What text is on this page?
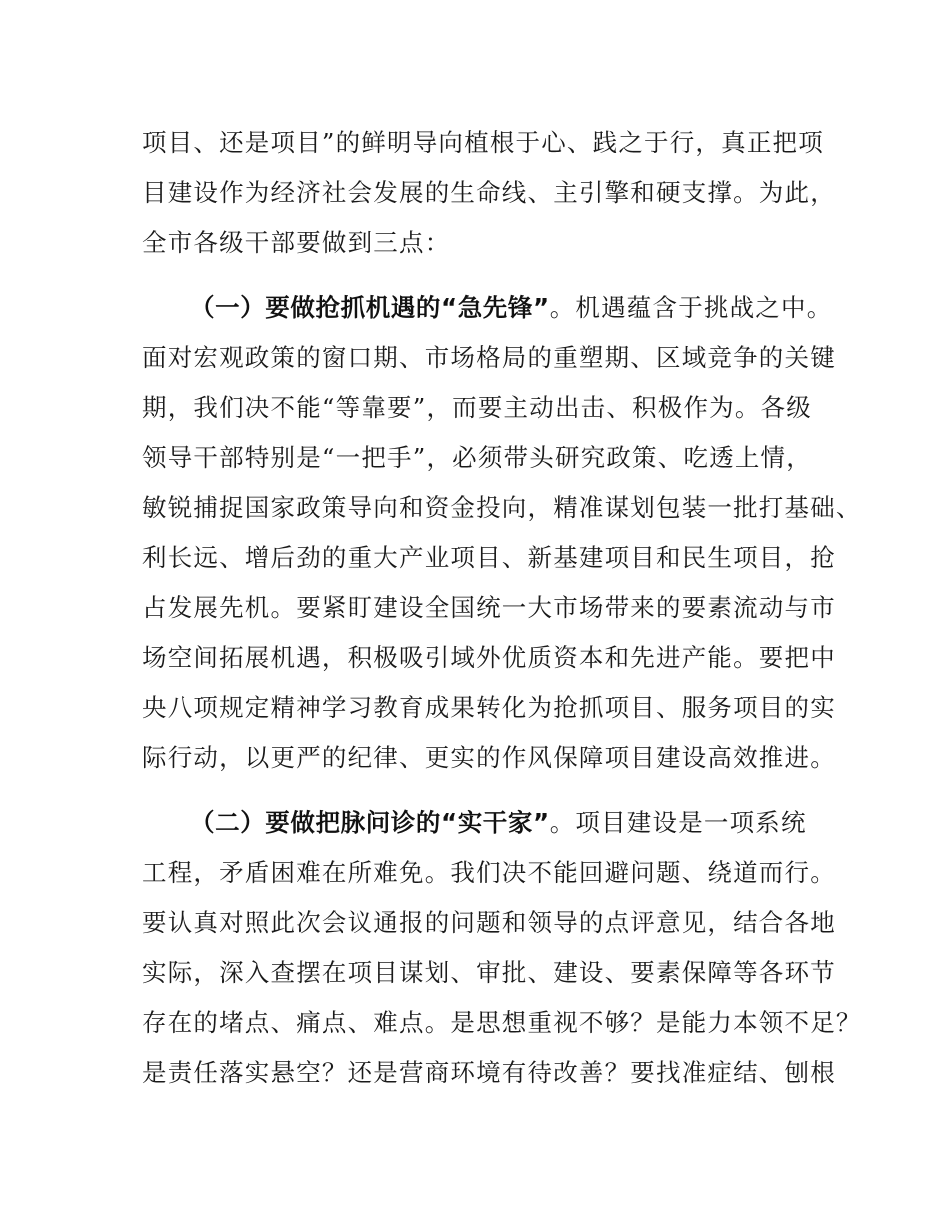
项目、还是项目”的鲜明导向植根于心、践之于行，真正把项
目建设作为经济社会发展的生命线、主引擎和硬支撑。为此，
全市各级干部要做到三点：
（一）要做抢抓机遇的“急先锋”。机遇蕴含于挑战之中。
面对宏观政策的窗口期、市场格局的重塑期、区域竞争的关键
期，我们决不能“等靠要”，而要主动出击、积极作为。各级
领导干部特别是“一把手”，必须带头研究政策、吃透上情，
敏锐捕捉国家政策导向和资金投向，精准谋划包装一批打基础、
利长远、增后劲的重大产业项目、新基建项目和民生项目，抢
占发展先机。要紧盯建设全国统一大市场带来的要素流动与市
场空间拓展机遇，积极吸引域外优质资本和先进产能。要把中
央八项规定精神学习教育成果转化为抢抓项目、服务项目的实
际行动，以更严的纪律、更实的作风保障项目建设高效推进。
（二）要做把脉问诊的“实干家”。项目建设是一项系统
工程，矛盾困难在所难免。我们决不能回避问题、绕道而行。
要认真对照此次会议通报的问题和领导的点评意见，结合各地
实际，深入查摆在项目谋划、审批、建设、要素保障等各环节
存在的堵点、痛点、难点。是思想重视不够？是能力本领不足？
是责任落实悬空？还是营商环境有待改善？要找准症结、刨根
